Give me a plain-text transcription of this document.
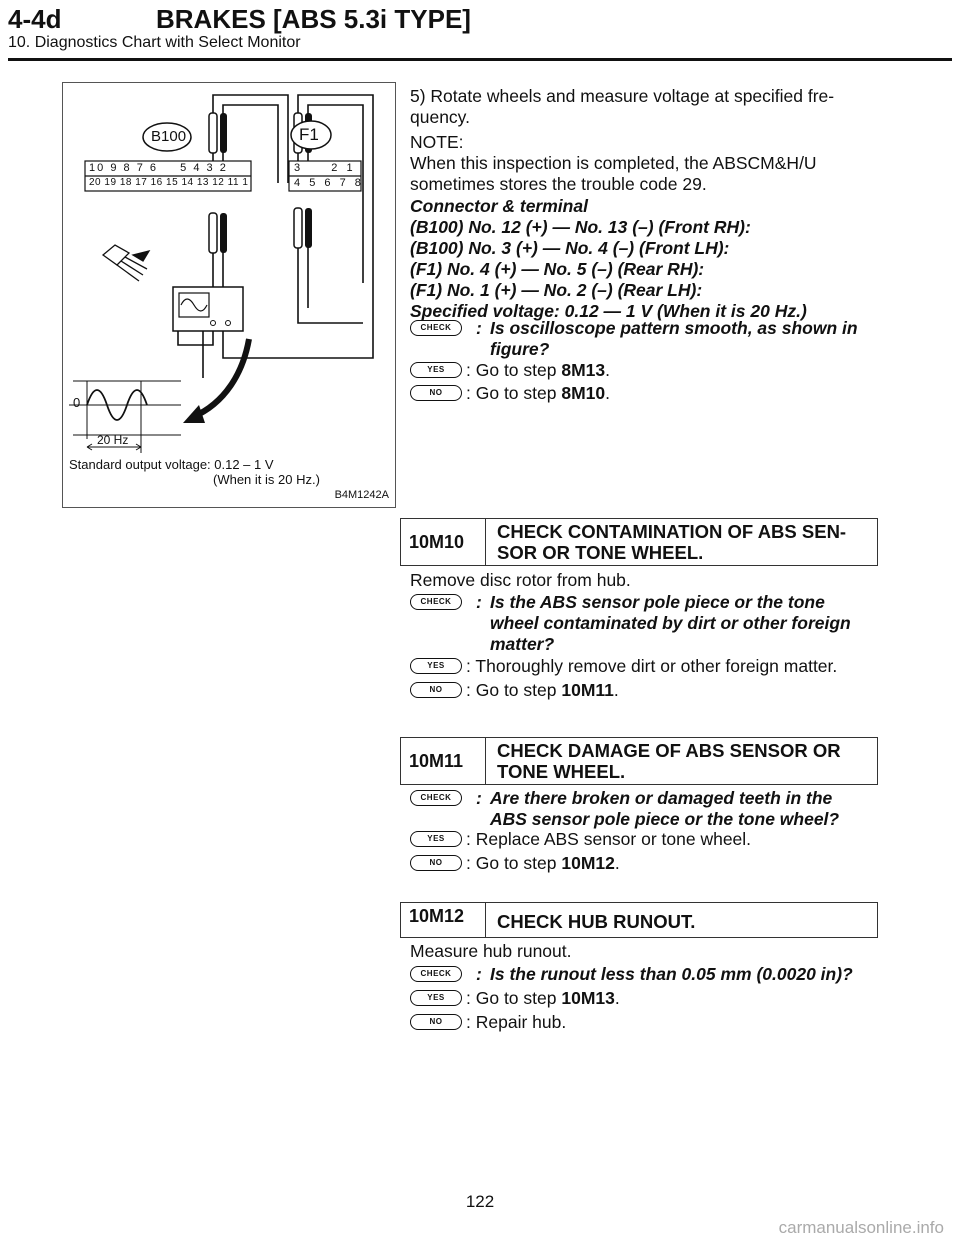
4-4d	BRAKES [ABS 5.3i TYPE]
10. Diagnostics Chart with Select Monitor
B100	F1
10 9 8 7 6 5 4 3 2
20 19 18 17 16 15 14 13 12 11 1
3	2 1
4 5 6 7 8
0
20 Hz
Standard output voltage: 0.12 – 1 V
(When it is 20 Hz.)
B4M1242A
5) Rotate wheels and measure voltage at specified fre-
quency.
NOTE:
When this inspection is completed, the ABSCM&H/U
sometimes stores the trouble code 29.
Connector & terminal
(B100) No. 12 (+) — No. 13 (–) (Front RH):
(B100) No. 3 (+) — No. 4 (–) (Front LH):
(F1) No. 4 (+) — No. 5 (–) (Rear RH):
(F1) No. 1 (+) — No. 2 (–) (Rear LH):
Specified voltage: 0.12 — 1 V (When it is 20 Hz.)
CHECK	: Is oscilloscope pattern smooth, as shown in
figure?
YES	: Go to step 8M13.
NO	: Go to step 8M10.
10M10 CHECK CONTAMINATION OF ABS SEN-
SOR OR TONE WHEEL.
Remove disc rotor from hub.
CHECK	: Is the ABS sensor pole piece or the tone
wheel contaminated by dirt or other foreign
matter?
YES	: Thoroughly remove dirt or other foreign matter.
NO	: Go to step 10M11.
10M11 CHECK DAMAGE OF ABS SENSOR OR
TONE WHEEL.
CHECK	: Are there broken or damaged teeth in the
ABS sensor pole piece or the tone wheel?
YES	: Replace ABS sensor or tone wheel.
NO	: Go to step 10M12.
10M12 CHECK HUB RUNOUT.
Measure hub runout.
CHECK	: Is the runout less than 0.05 mm (0.0020 in)?
YES	: Go to step 10M13.
NO	: Repair hub.
122
carmanualsonline.info
